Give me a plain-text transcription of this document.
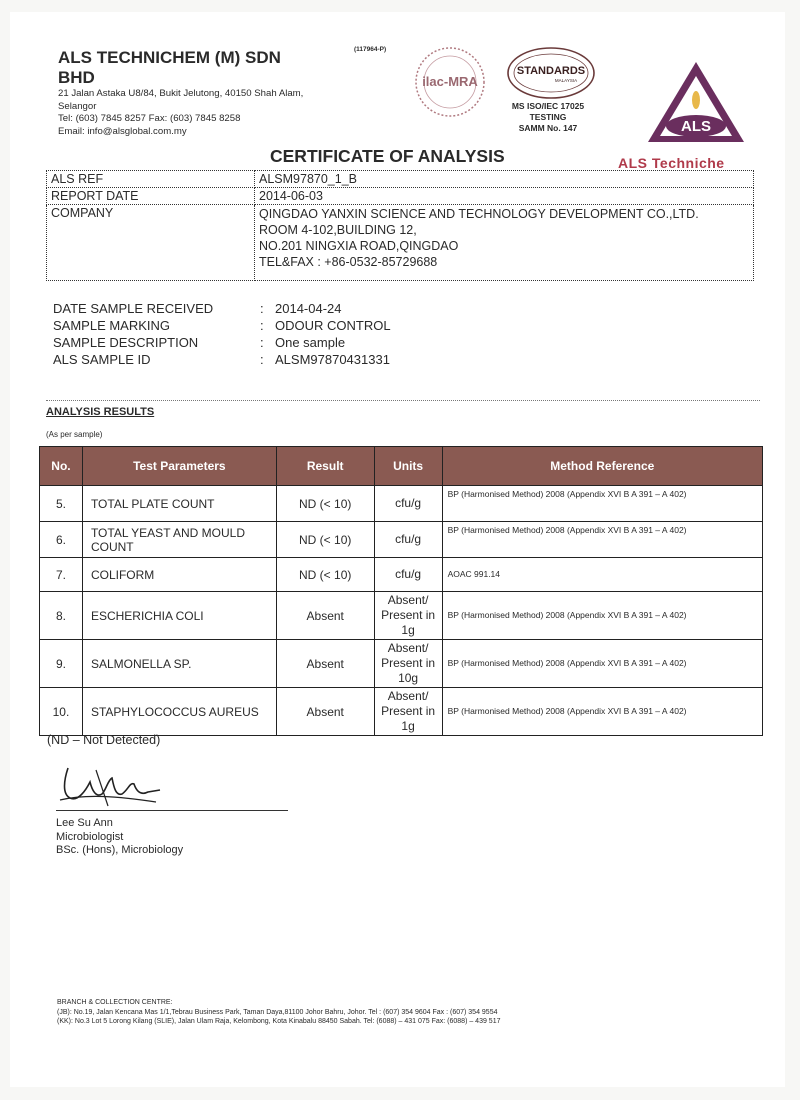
ALS TECHNICHEM (M) SDN BHD
(117964-P)
21 Jalan Astaka U8/84, Bukit Jelutong, 40150 Shah Alam,
Selangor
Tel: (603) 7845 8257 Fax: (603) 7845 8258
Email: info@alsglobal.com.my
ilac-MRA
STANDARDS
MALAYSIA
MS ISO/IEC 17025
TESTING
SAMM No. 147	ALS
ALS Techniche
CERTIFICATE OF ANALYSIS
ALS REF	ALSM97870_1_B
REPORT DATE	2014-06-03
COMPANY	QINGDAO YANXIN SCIENCE AND TECHNOLOGY DEVELOPMENT CO.,LTD.
ROOM 4-102,BUILDING 12,
NO.201 NINGXIA ROAD,QINGDAO
TEL&FAX : +86-0532-85729688
DATE SAMPLE RECEIVED	: 2014-04-24
SAMPLE MARKING	: ODOUR CONTROL
SAMPLE DESCRIPTION	: One sample
ALS SAMPLE ID	: ALSM97870431331
ANALYSIS RESULTS
(As per sample)
No.	Test Parameters	Result	Units	Method Reference
5.	TOTAL PLATE COUNT	ND (< 10)	cfu/g	BP (Harmonised Method) 2008 (Appendix XVI B A 391 – A 402)
6.	TOTAL YEAST AND MOULD COUNT	ND (< 10)	cfu/g	BP (Harmonised Method) 2008 (Appendix XVI B A 391 – A 402)
7.	COLIFORM	ND (< 10)	cfu/g	AOAC 991.14
8.	ESCHERICHIA COLI	Absent	Absent/ Present in 1g	BP (Harmonised Method) 2008 (Appendix XVI B A 391 – A 402)
9.	SALMONELLA SP.	Absent	Absent/ Present in 10g	BP (Harmonised Method) 2008 (Appendix XVI B A 391 – A 402)
10.	STAPHYLOCOCCUS AUREUS	Absent	Absent/ Present in 1g	BP (Harmonised Method) 2008 (Appendix XVI B A 391 – A 402)
(ND – Not Detected)
Lee Su Ann
Microbiologist
BSc. (Hons), Microbiology
BRANCH & COLLECTION CENTRE:
(JB): No.19, Jalan Kencana Mas 1/1,Tebrau Business Park, Taman Daya,81100 Johor Bahru, Johor. Tel : (607) 354 9604 Fax : (607) 354 9554
(KK): No.3 Lot 5 Lorong Kilang (SLIE), Jalan Ulam Raja, Kelombong, Kota Kinabalu 88450 Sabah. Tel: (6088) – 431 075 Fax: (6088) – 439 517
